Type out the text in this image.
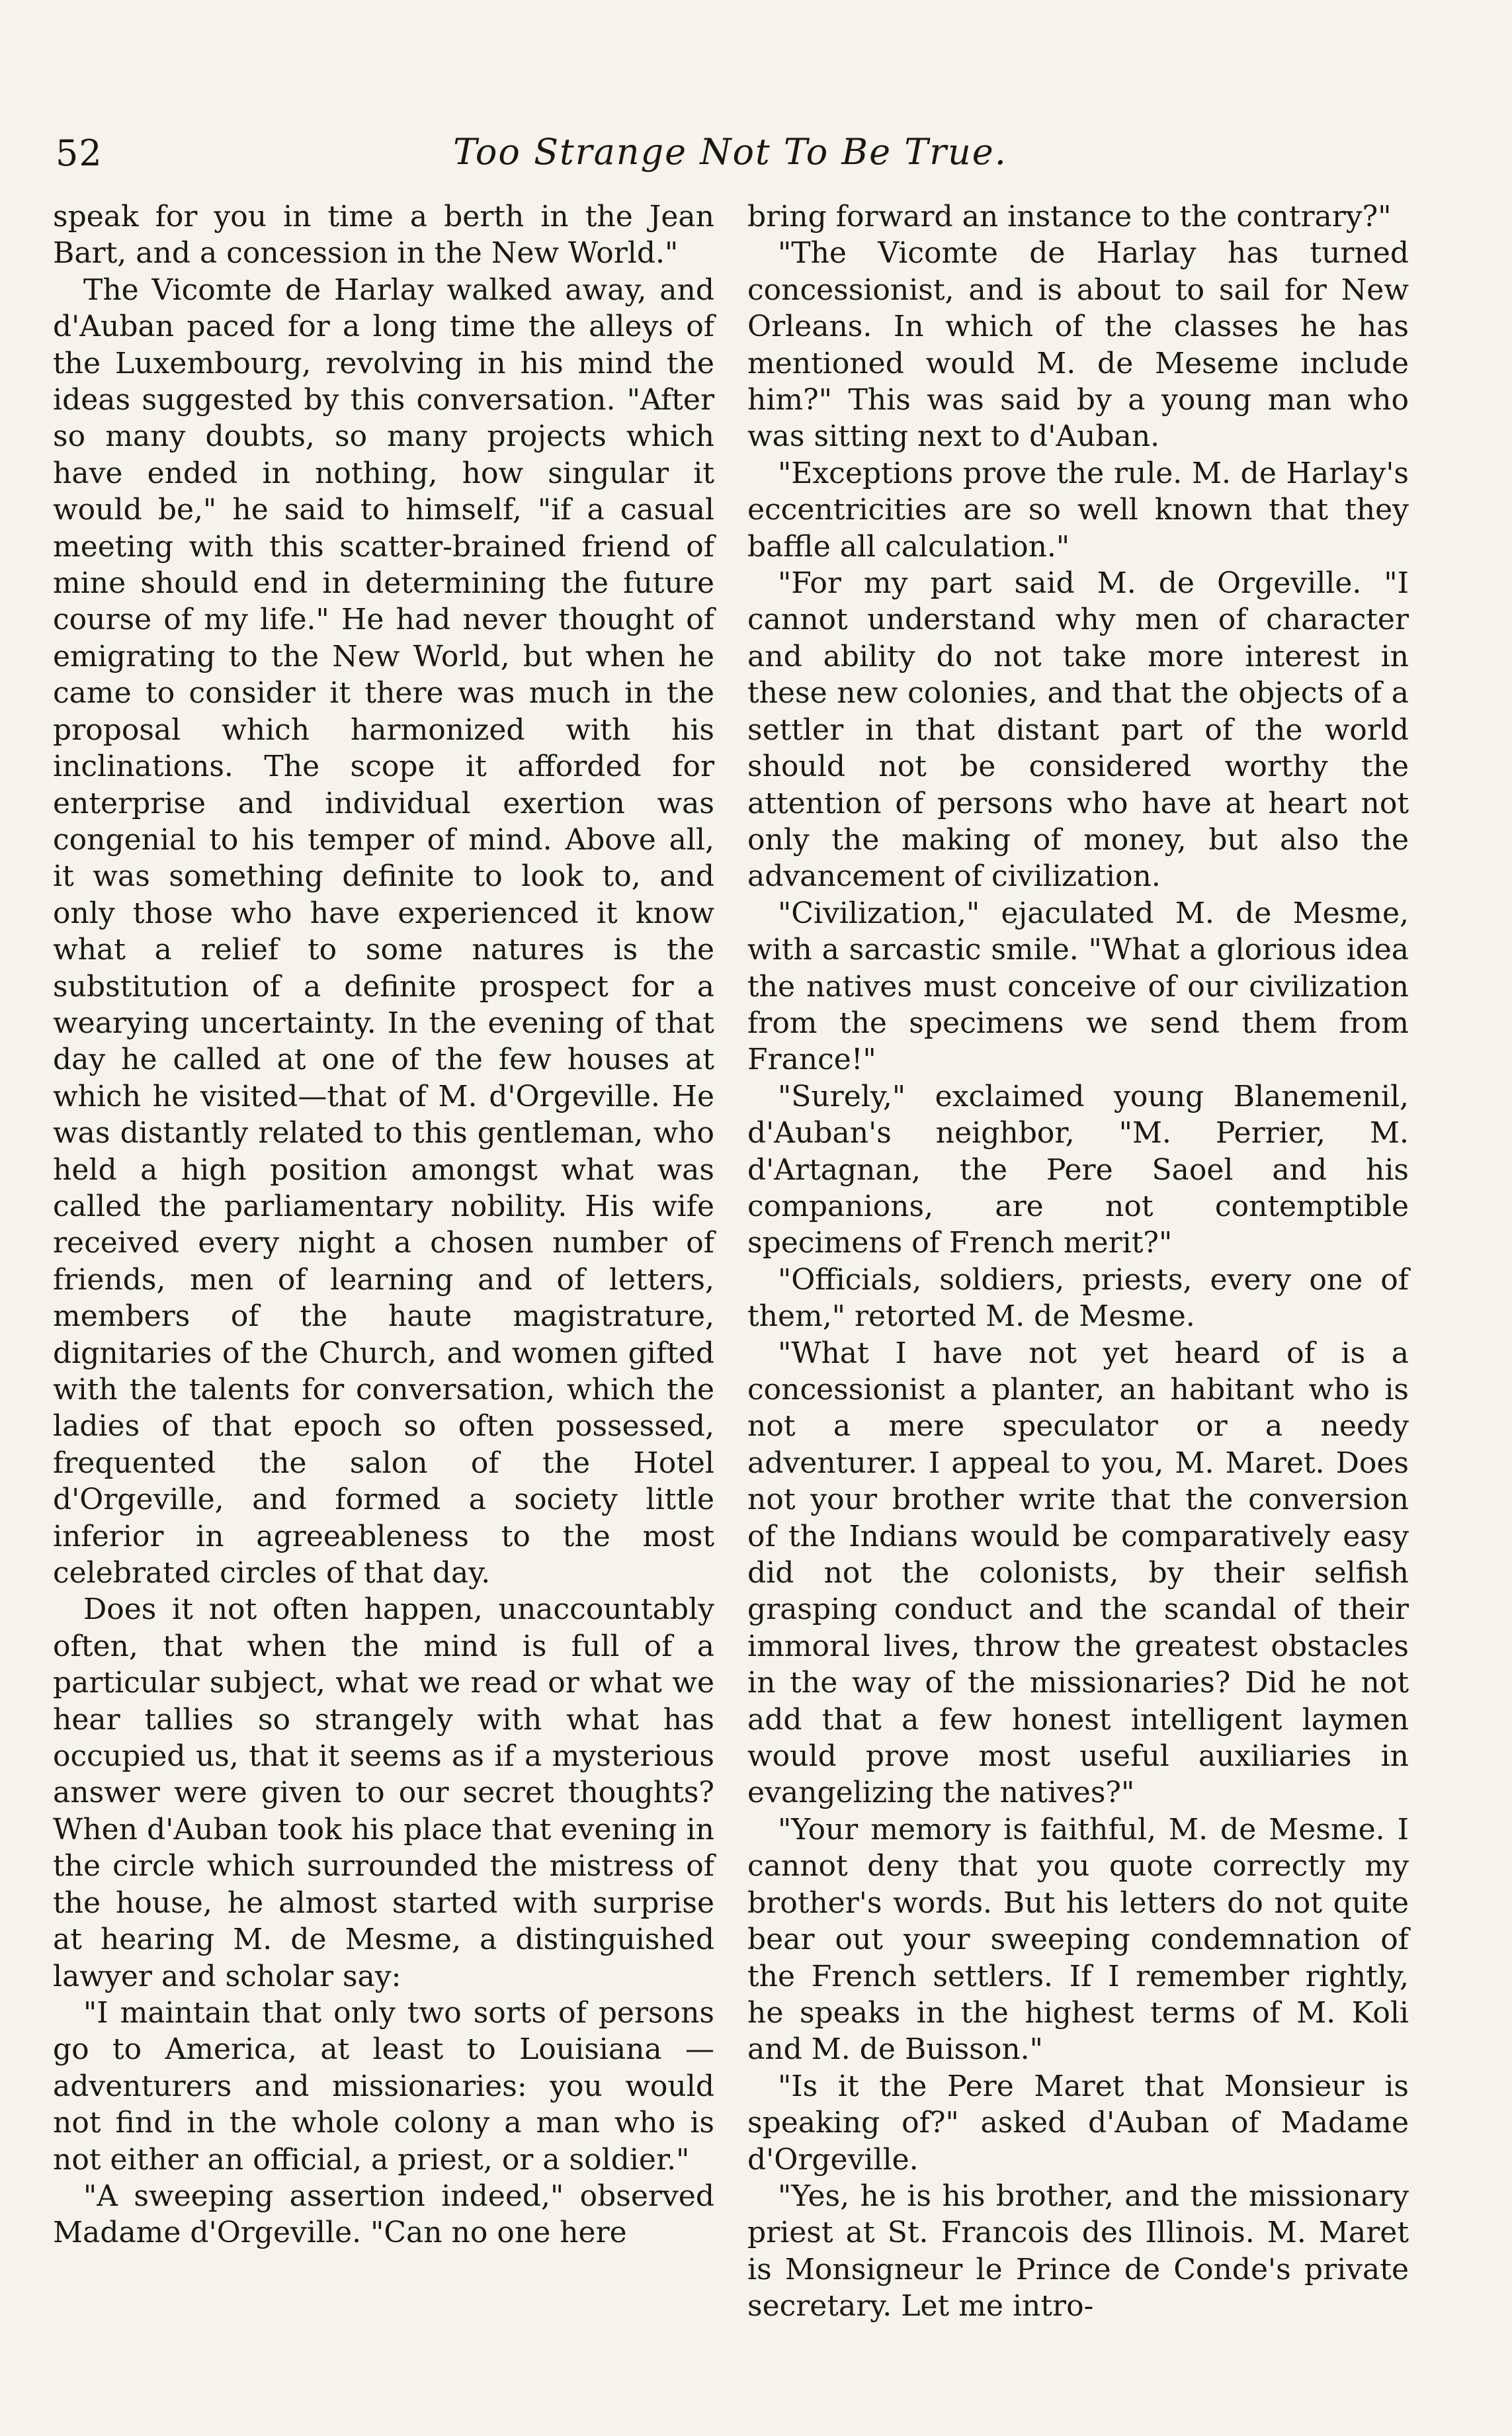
52	Too Strange Not To Be True.

speak for you in time a berth in the Jean Bart, and a concession in the New World."

The Vicomte de Harlay walked away, and d'Auban paced for a long time the alleys of the Luxembourg, revolving in his mind the ideas suggested by this conversation. "After so many doubts, so many projects which have ended in nothing, how singular it would be," he said to himself, "if a casual meeting with this scatter-brained friend of mine should end in determining the future course of my life." He had never thought of emigrating to the New World, but when he came to consider it there was much in the proposal which harmonized with his inclinations. The scope it afforded for enterprise and individual exertion was congenial to his temper of mind. Above all, it was something definite to look to, and only those who have experienced it know what a relief to some natures is the substitution of a definite prospect for a wearying uncertainty. In the evening of that day he called at one of the few houses at which he visited—that of M. d'Orgeville. He was distantly related to this gentleman, who held a high position amongst what was called the parliamentary nobility. His wife received every night a chosen number of friends, men of learning and of letters, members of the haute magistrature, dignitaries of the Church, and women gifted with the talents for conversation, which the ladies of that epoch so often possessed, frequented the salon of the Hotel d'Orgeville, and formed a society little inferior in agreeableness to the most celebrated circles of that day.

Does it not often happen, unaccountably often, that when the mind is full of a particular subject, what we read or what we hear tallies so strangely with what has occupied us, that it seems as if a mysterious answer were given to our secret thoughts? When d'Auban took his place that evening in the circle which surrounded the mistress of the house, he almost started with surprise at hearing M. de Mesme, a distinguished lawyer and scholar say:

"I maintain that only two sorts of persons go to America, at least to Louisiana —adventurers and missionaries: you would not find in the whole colony a man who is not either an official, a priest, or a soldier."

"A sweeping assertion indeed," observed Madame d'Orgeville. "Can no one here

bring forward an instance to the contrary?"

"The Vicomte de Harlay has turned concessionist, and is about to sail for New Orleans. In which of the classes he has mentioned would M. de Meseme include him?" This was said by a young man who was sitting next to d'Auban.

"Exceptions prove the rule. M. de Harlay's eccentricities are so well known that they baffle all calculation."

"For my part said M. de Orgeville. "I cannot understand why men of character and ability do not take more interest in these new colonies, and that the objects of a settler in that distant part of the world should not be considered worthy the attention of persons who have at heart not only the making of money, but also the advancement of civilization.

"Civilization," ejaculated M. de Mesme, with a sarcastic smile. "What a glorious idea the natives must conceive of our civilization from the specimens we send them from France!"

"Surely," exclaimed young Blanemenil, d'Auban's neighbor, "M. Perrier, M. d'Artagnan, the Pere Saoel and his companions, are not contemptible specimens of French merit?"

"Officials, soldiers, priests, every one of them," retorted M. de Mesme.

"What I have not yet heard of is a concessionist a planter, an habitant who is not a mere speculator or a needy adventurer. I appeal to you, M. Maret. Does not your brother write that the conversion of the Indians would be comparatively easy did not the colonists, by their selfish grasping conduct and the scandal of their immoral lives, throw the greatest obstacles in the way of the missionaries? Did he not add that a few honest intelligent laymen would prove most useful auxiliaries in evangelizing the natives?"

"Your memory is faithful, M. de Mesme. I cannot deny that you quote correctly my brother's words. But his letters do not quite bear out your sweeping condemnation of the French settlers. If I remember rightly, he speaks in the highest terms of M. Koli and M. de Buisson."

"Is it the Pere Maret that Monsieur is speaking of?" asked d'Auban of Madame d'Orgeville.

"Yes, he is his brother, and the missionary priest at St. Francois des Illinois. M. Maret is Monsigneur le Prince de Conde's private secretary. Let me intro-
